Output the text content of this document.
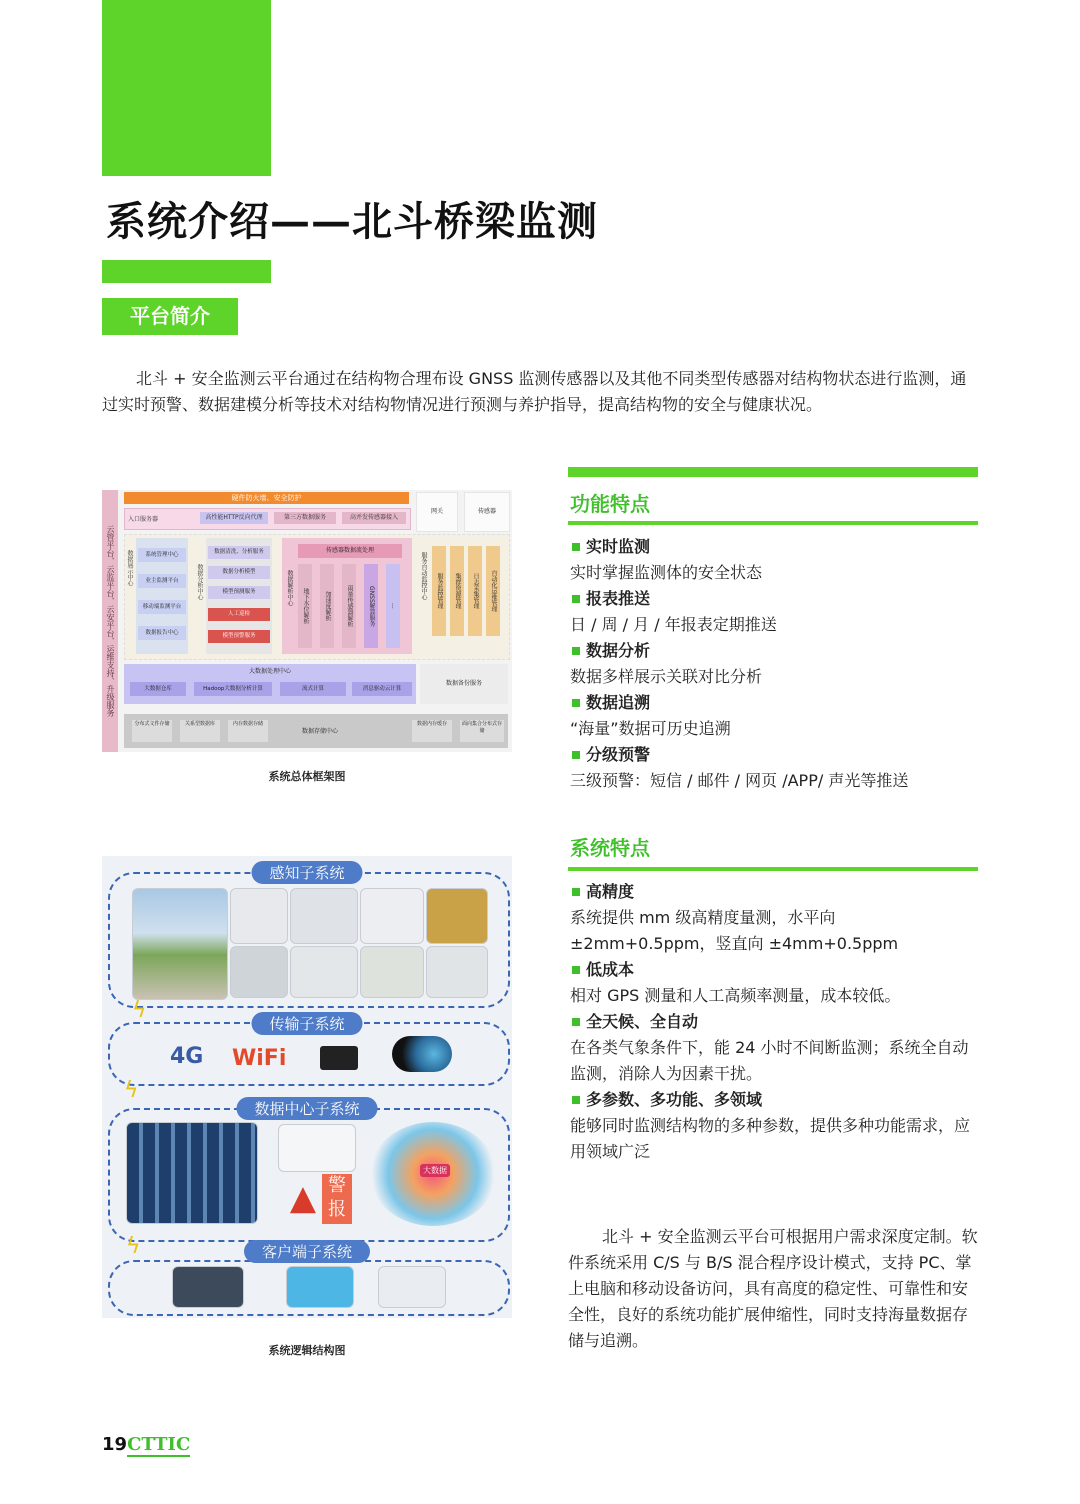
系统介绍——北斗桥梁监测
平台简介

北斗 + 安全监测云平台通过在结构物合理布设 GNSS 监测传感器以及其他不同类型传感器对结构物状态进行监测，通过实时预警、数据建模分析等技术对结构物情况进行预测与养护指导，提高结构物的安全与健康状况。

云管平台、云监平台、云安平台、运维支持、升级服务
硬件防火墙、安全防护
入口服务器	高性能HTTP反向代理	第三方数据服务	高并发传感器接入
网关	传感器
数据展示中心	系统管理中心
业主监测平台
移动端监测平台
数据报告中心
数据分析中心
数据清洗、分析服务
数据分析模型
模型预测服务
人工巡检
模型预警服务
传感器数据流处理
数据解析中心	地下水位解析	加速度解析	雨量传感器解析	GNSS解算服务	...
服务自动监控中心	服务监控管理	集群资源管理	日志采集管理	自动化运维管理
大数据处理中心
大数据仓库	Hadoop大数据分析计算	流式计算	消息驱动云计算
数据备份服务
数据存储中心
分布式文件存储	关系型数据库	内存数据存储	数据内存缓存	面向集合分布式存储
系统总体框架图
感知子系统
ϟ
传输子系统
4G WiFi
ϟ
数据中心子系统
▲ 警
报
大数据
ϟ	客户端子系统
系统逻辑结构图
功能特点
实时监测
实时掌握监测体的安全状态
报表推送
日 / 周 / 月 / 年报表定期推送
数据分析
数据多样展示关联对比分析
数据追溯
“海量”数据可历史追溯
分级预警
三级预警：短信 / 邮件 / 网页 /APP/ 声光等推送
系统特点
高精度
系统提供 mm 级高精度量测，水平向 ±2mm+0.5ppm，竖直向 ±4mm+0.5ppm
低成本
相对 GPS 测量和人工高频率测量，成本较低。
全天候、全自动
在各类气象条件下，能 24 小时不间断监测；系统全自动监测，消除人为因素干扰。
多参数、多功能、多领域
能够同时监测结构物的多种参数，提供多种功能需求，应用领域广泛

北斗 + 安全监测云平台可根据用户需求深度定制。软件系统采用 C/S 与 B/S 混合程序设计模式，支持 PC、掌上电脑和移动设备访问，具有高度的稳定性、可靠性和安全性，良好的系统功能扩展伸缩性，同时支持海量数据存储与追溯。

19CTTIC
